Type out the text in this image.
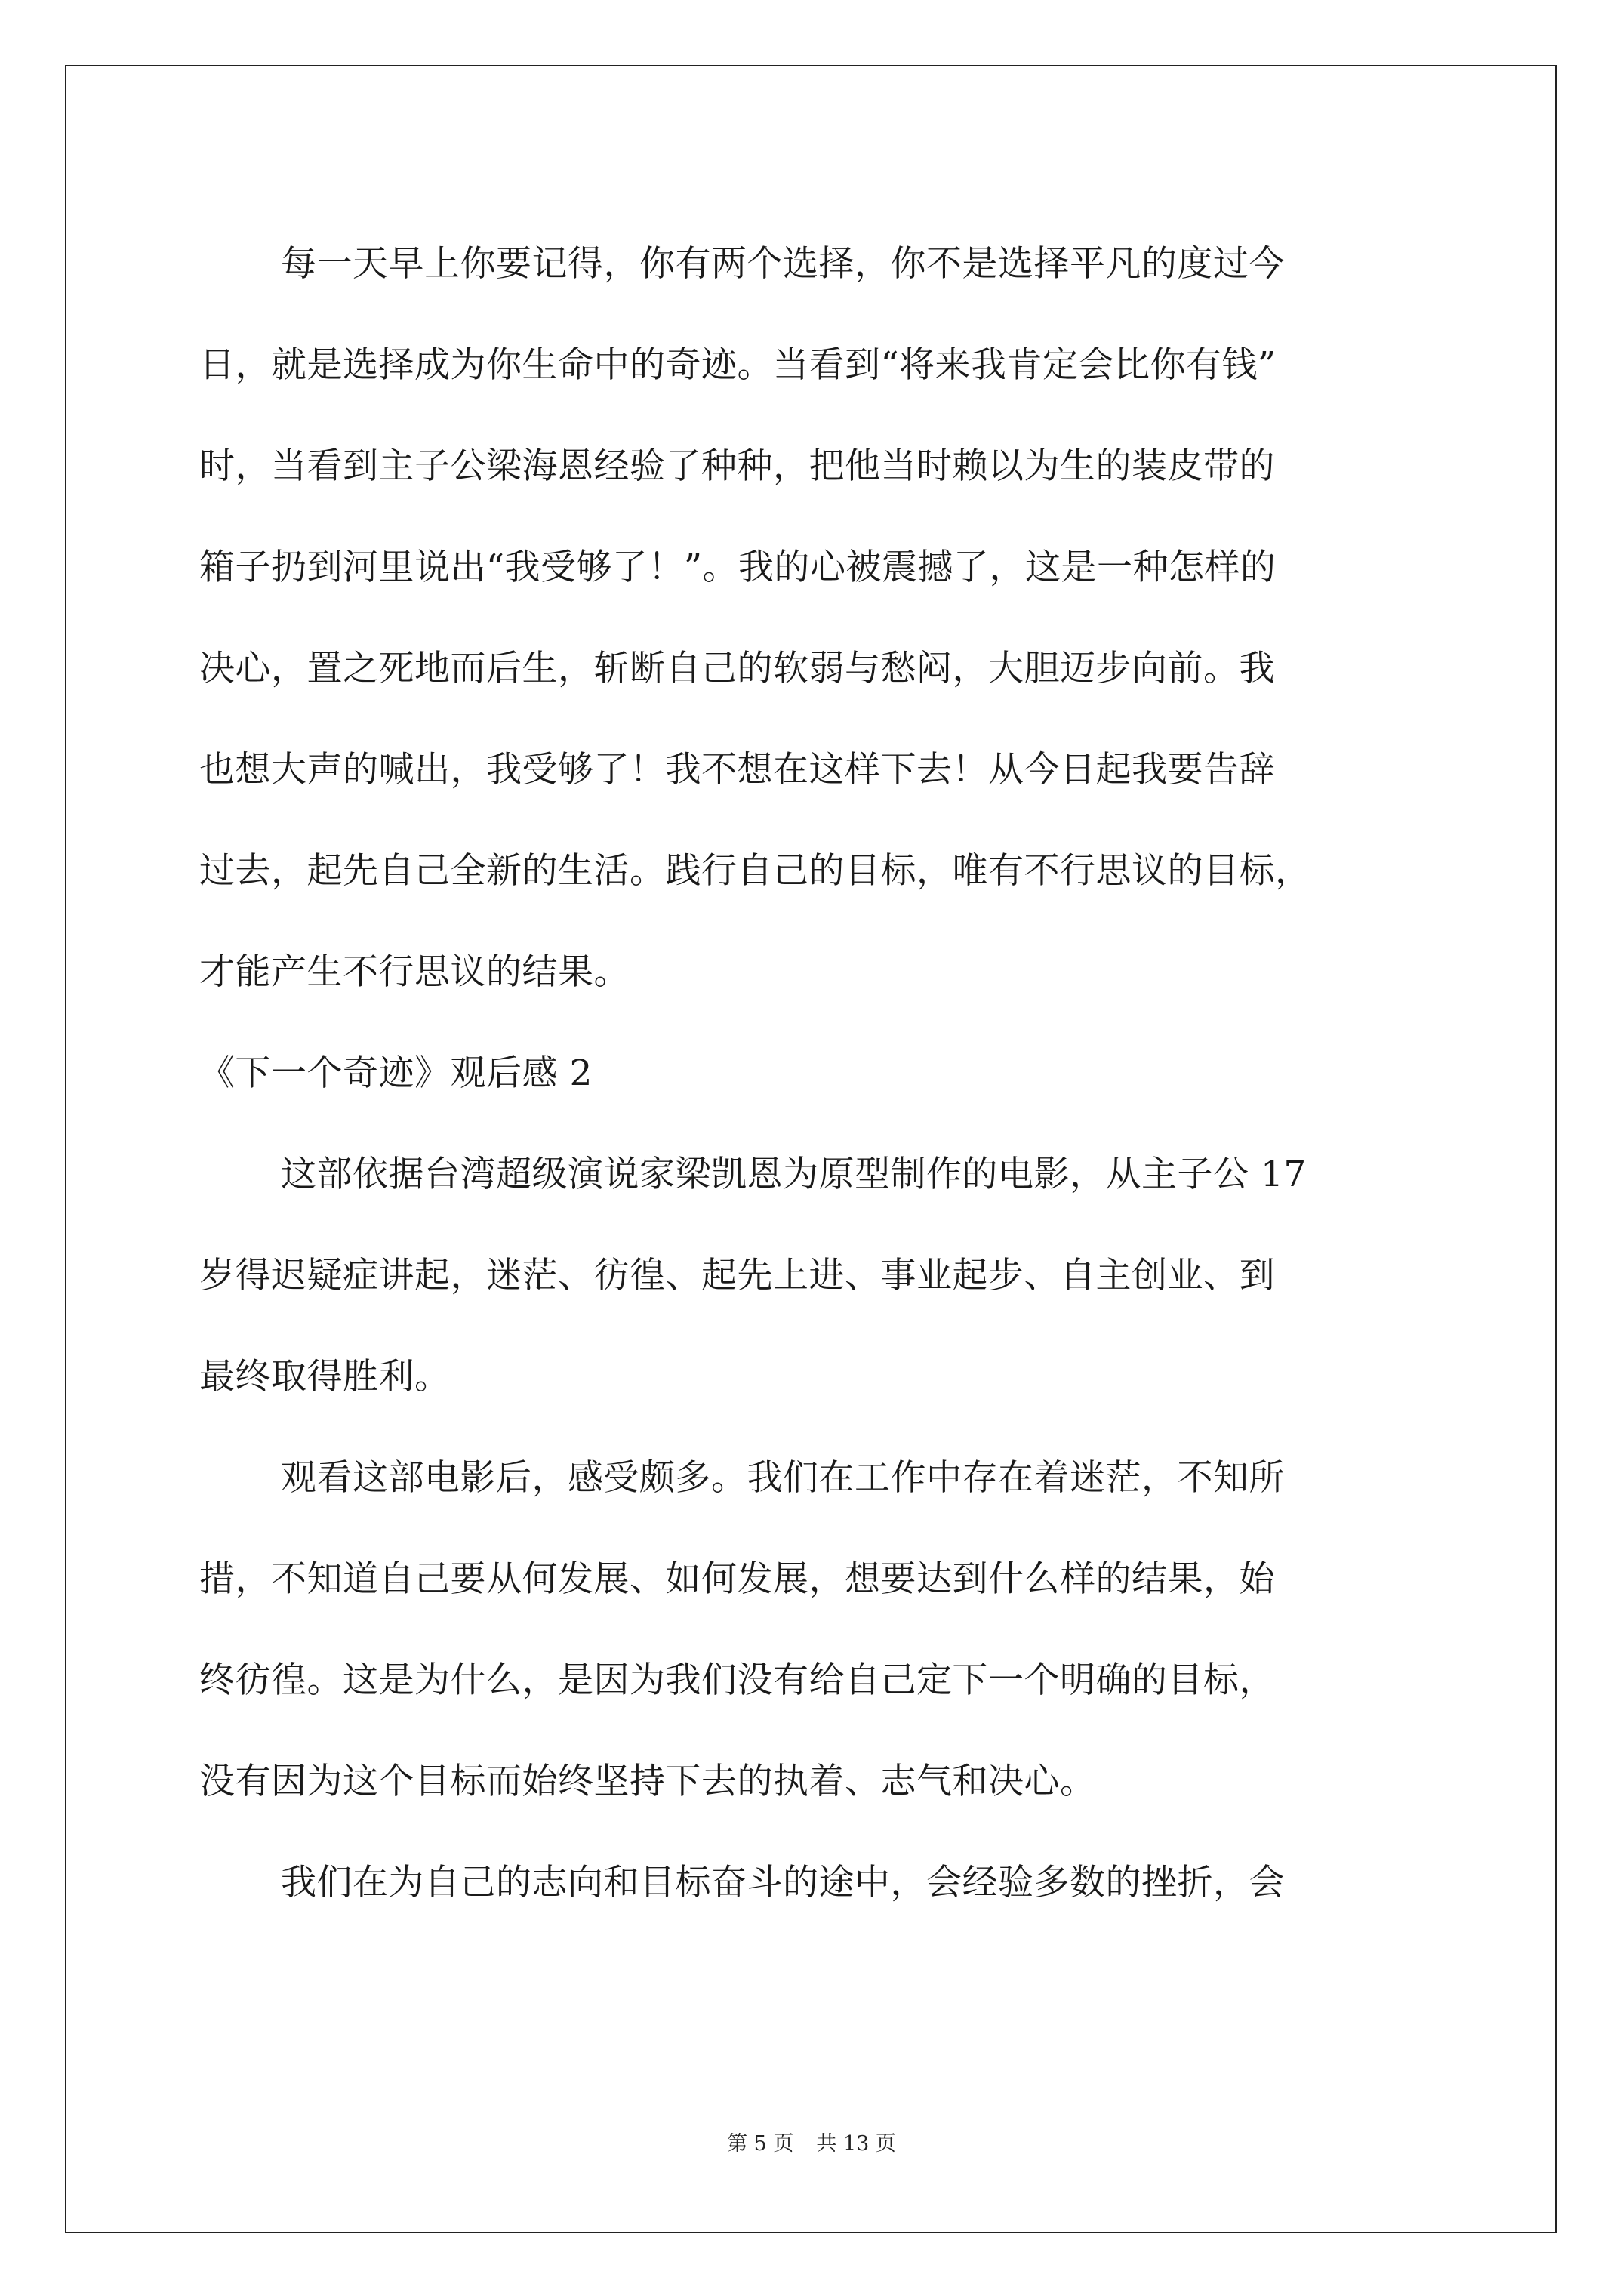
每一天早上你要记得，你有两个选择，你不是选择平凡的度过今
日，就是选择成为你生命中的奇迹。当看到“将来我肯定会比你有钱”
时，当看到主子公梁海恩经验了种种，把他当时赖以为生的装皮带的
箱子扔到河里说出“我受够了！”。我的心被震撼了，这是一种怎样的
决心，置之死地而后生，斩断自己的软弱与愁闷，大胆迈步向前。我
也想大声的喊出，我受够了！我不想在这样下去！从今日起我要告辞
过去，起先自己全新的生活。践行自己的目标，唯有不行思议的目标，
才能产生不行思议的结果。
《下一个奇迹》观后感 2
这部依据台湾超级演说家梁凯恩为原型制作的电影，从主子公 17
岁得迟疑症讲起，迷茫、彷徨、起先上进、事业起步、自主创业、到
最终取得胜利。
观看这部电影后，感受颇多。我们在工作中存在着迷茫，不知所
措，不知道自己要从何发展、如何发展，想要达到什么样的结果，始
终彷徨。这是为什么，是因为我们没有给自己定下一个明确的目标，
没有因为这个目标而始终坚持下去的执着、志气和决心。
我们在为自己的志向和目标奋斗的途中，会经验多数的挫折，会
第 5 页 共 13 页
